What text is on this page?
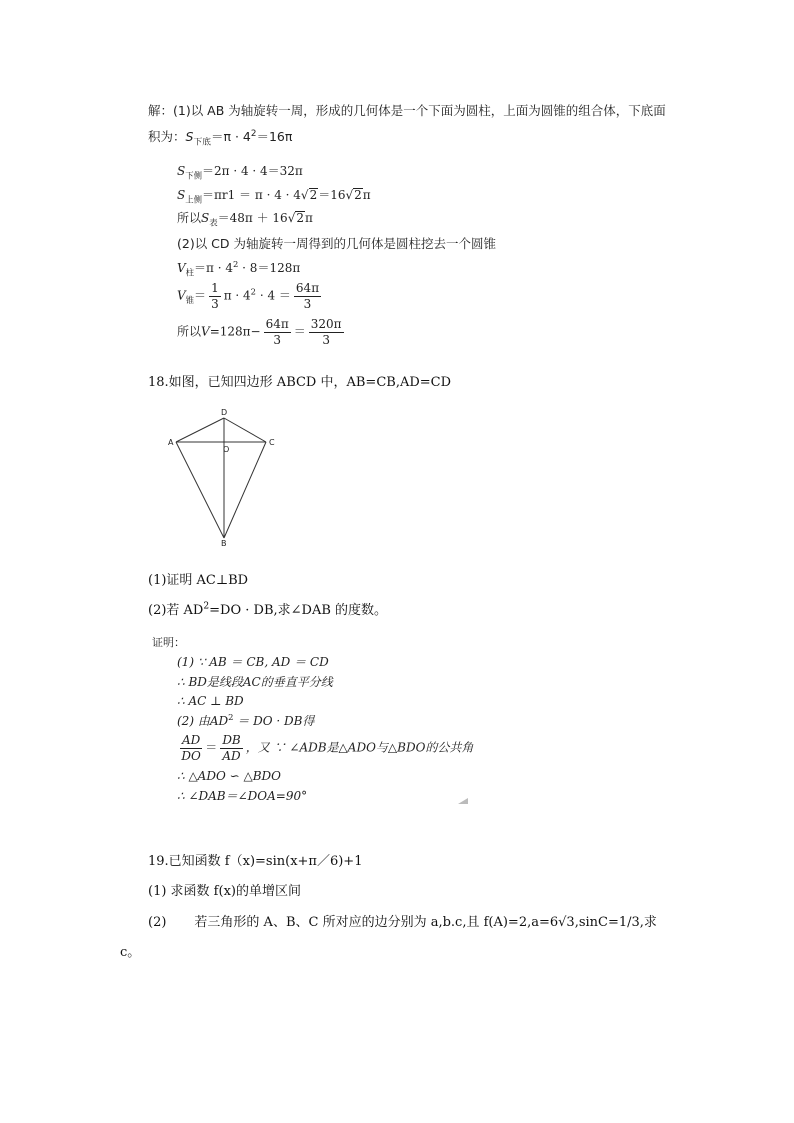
解：(1)以 AB 为轴旋转一周，形成的几何体是一个下面为圆柱，上面为圆锥的组合体，下底面
积为：$S_{下底}=\pi \cdot 4^2=16\pi$
$S_{下侧}=2\pi \cdot 4 \cdot 4=32\pi$
$S_{上侧}=\pi r1 = \pi \cdot 4 \cdot 4√2=16√2\pi$
所以$S_表=48\pi + 16√2\pi$
(2)以 CD 为轴旋转一周得到的几何体是圆柱挖去一个圆锥
$V_柱=\pi \cdot 4^2 \cdot 8=128\pi$
$V_锥= \frac{1}{3}$ $\pi \cdot 4^2 \cdot 4 = \frac{64\pi}{3}$
所以$V=128\pi- \frac{64\pi}{3} = \frac{320\pi}{3}$
18.如图，已知四边形 ABCD 中，AB=CB,AD=CD
D
A	C
O
B
(1)证明 AC⊥BD
(2)若 $AD^2=DO$ · DB,求∠DAB 的度数。
证明：
(1) ∵ AB ＝ CB, AD ＝ CD
∴ BD是线段AC的垂直平分线
∴ AC ⊥ BD
(2) 由$AD^2$ ＝ DO · DB得
$\frac{AD}{DO} = \frac{DB}{AD}$ ，又 ∵ ∠ADB是△ADO与△BDO的公共角
∴ △ADO ∽ △BDO
∴ ∠DAB＝∠DOA=90°
19.已知函数 f（x)=sin(x+π／6)+1
(1) 求函数 f(x)的单增区间
(2) 若三角形的 A、B、C 所对应的边分别为 a,b.c,且 f(A)=2,a=6√3,sinC=1/3,求
c。
